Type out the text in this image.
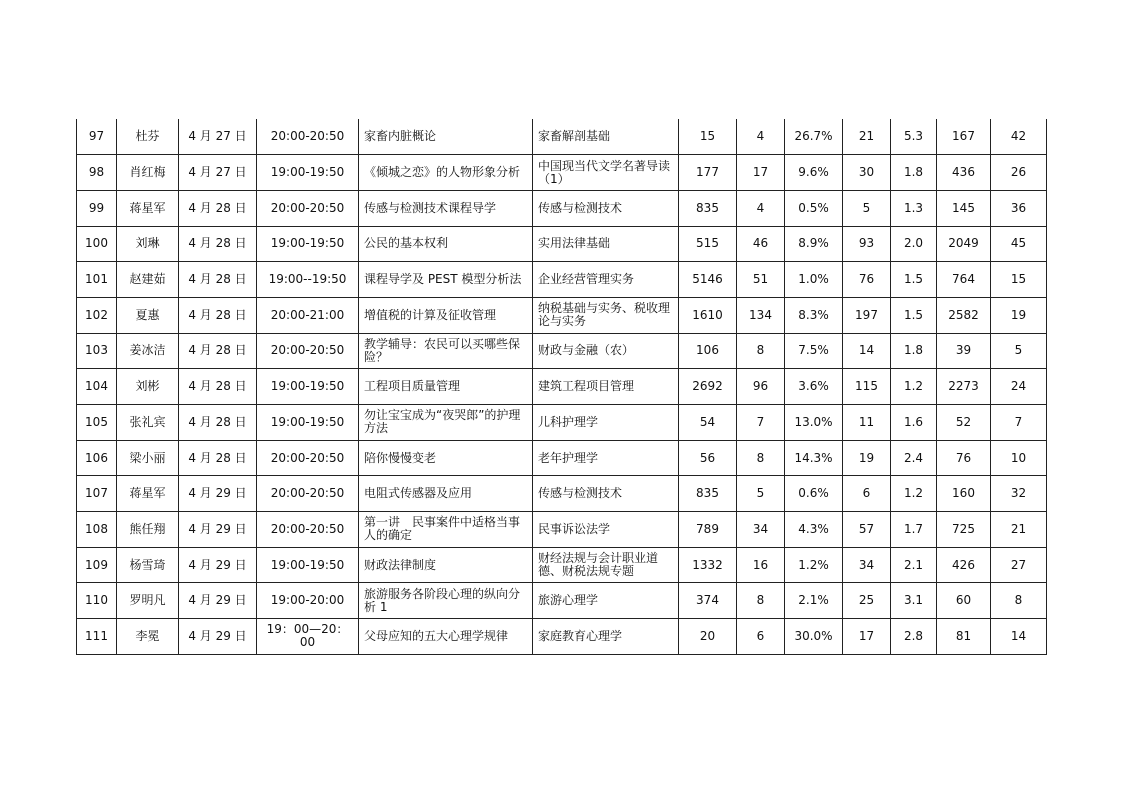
97	杜芬	4 月 27 日	20:00-20:50	家畜内脏概论	家畜解剖基础	15	4	26.7%	21	5.3	167	42
98	肖红梅	4 月 27 日	19:00-19:50	《倾城之恋》的人物形象分析	中国现当代文学名著导读（1）	177	17	9.6%	30	1.8	436	26
99	蒋星军	4 月 28 日	20:00-20:50	传感与检测技术课程导学	传感与检测技术	835	4	0.5%	5	1.3	145	36
100	刘琳	4 月 28 日	19:00-19:50	公民的基本权利	实用法律基础	515	46	8.9%	93	2.0	2049	45
101	赵建茹	4 月 28 日	19:00--19:50	课程导学及 PEST 模型分析法	企业经营管理实务	5146	51	1.0%	76	1.5	764	15
102	夏惠	4 月 28 日	20:00-21:00	增值税的计算及征收管理	纳税基础与实务、税收理论与实务	1610	134	8.3%	197	1.5	2582	19
103	姜冰洁	4 月 28 日	20:00-20:50	教学辅导：农民可以买哪些保险？	财政与金融（农）	106	8	7.5%	14	1.8	39	5
104	刘彬	4 月 28 日	19:00-19:50	工程项目质量管理	建筑工程项目管理	2692	96	3.6%	115	1.2	2273	24
105	张礼宾	4 月 28 日	19:00-19:50	勿让宝宝成为“夜哭郎”的护理方法	儿科护理学	54	7	13.0%	11	1.6	52	7
106	梁小丽	4 月 28 日	20:00-20:50	陪你慢慢变老	老年护理学	56	8	14.3%	19	2.4	76	10
107	蒋星军	4 月 29 日	20:00-20:50	电阻式传感器及应用	传感与检测技术	835	5	0.6%	6	1.2	160	32
108	熊任翔	4 月 29 日	20:00-20:50	第一讲　民事案件中适格当事人的确定	民事诉讼法学	789	34	4.3%	57	1.7	725	21
109	杨雪琦	4 月 29 日	19:00-19:50	财政法律制度	财经法规与会计职业道德、财税法规专题	1332	16	1.2%	34	2.1	426	27
110	罗明凡	4 月 29 日	19:00-20:00	旅游服务各阶段心理的纵向分析 1	旅游心理学	374	8	2.1%	25	3.1	60	8
111	李冕	4 月 29 日	19：00—20：00	父母应知的五大心理学规律	家庭教育心理学	20	6	30.0%	17	2.8	81	14
